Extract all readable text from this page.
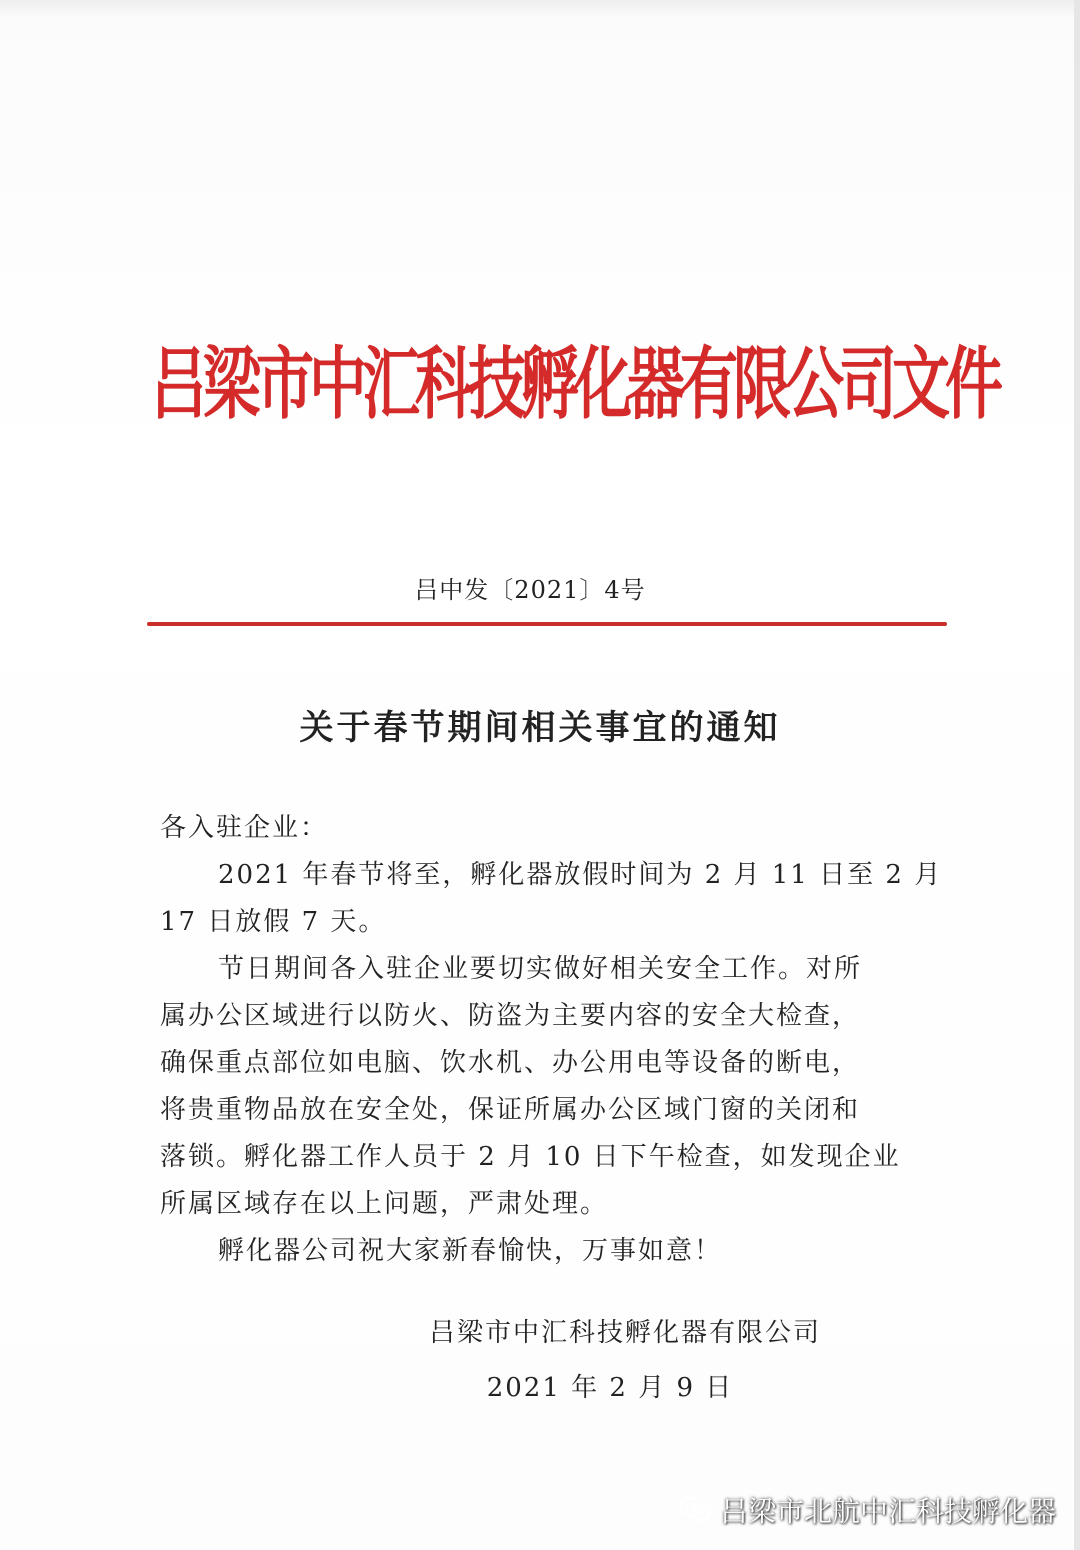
吕梁市中汇科技孵化器有限公司文件
吕中发〔2021〕4号
关于春节期间相关事宜的通知
各入驻企业：
2021 年春节将至，孵化器放假时间为 2 月 11 日至 2 月
17 日放假 7 天。
节日期间各入驻企业要切实做好相关安全工作。对所
属办公区域进行以防火、防盗为主要内容的安全大检查，
确保重点部位如电脑、饮水机、办公用电等设备的断电，
将贵重物品放在安全处，保证所属办公区域门窗的关闭和
落锁。孵化器工作人员于 2 月 10 日下午检查，如发现企业
所属区域存在以上问题，严肃处理。
孵化器公司祝大家新春愉快，万事如意！
吕梁市中汇科技孵化器有限公司
2021 年 2 月 9 日
吕梁市北航中汇科技孵化器
